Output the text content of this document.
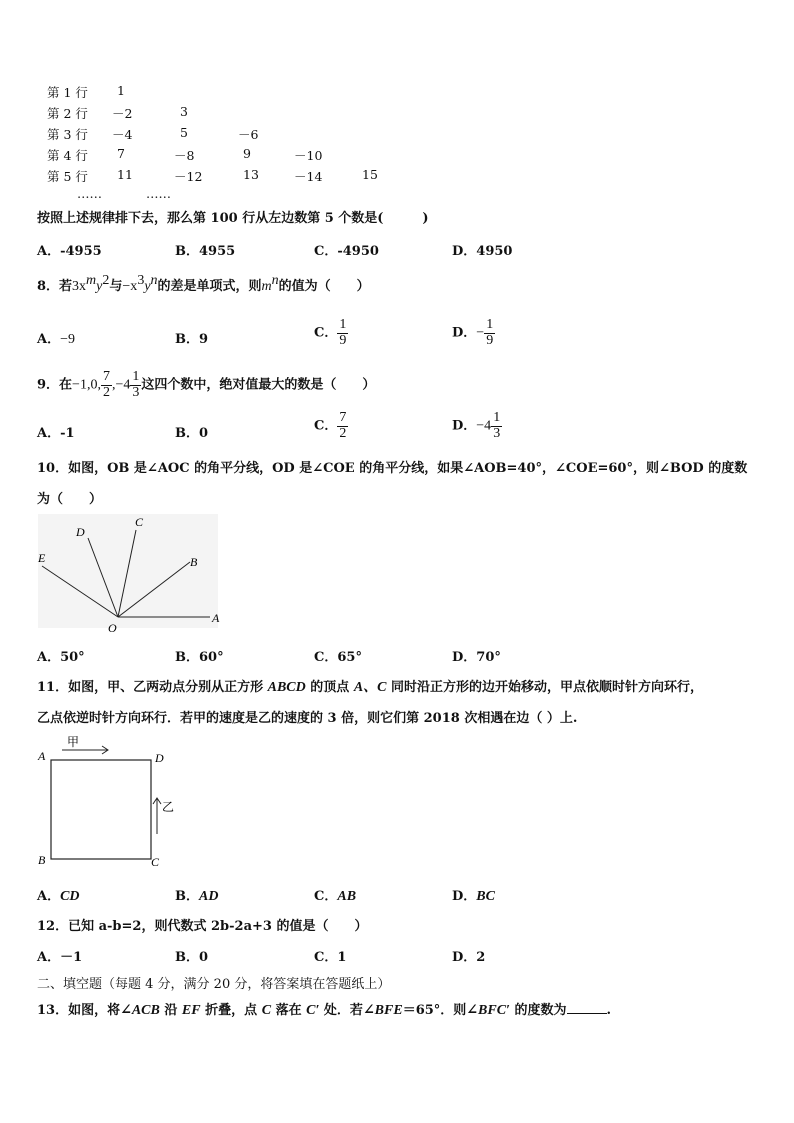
第 1 行 1
第 2 行 －2	3
第 3 行 －4	5	－6
第 4 行 7	－8	9	－10
第 5 行 11	－12	13	－14	15
……	……
按照上述规律排下去，那么第 100 行从左边数第 5 个数是(　　　)
A．-4955	B．4955	C．-4950	D．4950
8．若$3x^my^2$与$-x^3y^n$的差是单项式，则$m^n$的值为（　　）
A．−9	B．9	C． $\frac{1}{9}$	D．− $\frac{1}{9}$
9．在−1,0, $\frac{7}{2} ,-4 \frac{1}{3}$ 这四个数中，绝对值最大的数是（　　）
A．-1	B．0	C． $\frac{7}{2}$	D．$-4 \frac{1}{3}$
10．如图，OB 是∠AOC 的角平分线，OD 是∠COE 的角平分线，如果∠AOB=40°，∠COE=60°，则∠BOD 的度数
为（　　）
A
B
C
D
E
O
A．50°	B．60°	C．65°	D．70°
11．如图，甲、乙两动点分别从正方形 ABCD 的顶点 A、C 同时沿正方形的边开始移动，甲点依顺时针方向环行，
乙点依逆时针方向环行．若甲的速度是乙的速度的 3 倍，则它们第 2018 次相遇在边（ ）上.
A	D
B	C
甲
乙
A．CD	B．AD	C．AB	D．BC
12．已知 a-b=2，则代数式 2b-2a+3 的值是（　　）
A．－1	B．0	C．1	D．2
二、填空题（每题 4 分，满分 20 分，将答案填在答题纸上）
13．如图，将∠ACB 沿 EF 折叠，点 C 落在 C′ 处．若∠BFE＝65°．则∠BFC′ 的度数为	.
